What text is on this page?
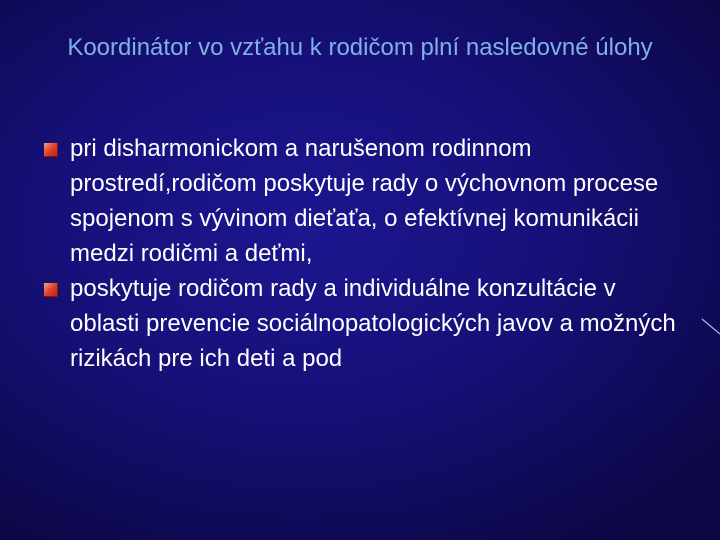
Koordinátor vo vzťahu k rodičom plní nasledovné úlohy
pri disharmonickom a narušenom rodinnom prostredí,rodičom poskytuje rady o výchovnom procese spojenom s vývinom dieťaťa, o efektívnej komunikácii medzi rodičmi a deťmi,
poskytuje rodičom rady a individuálne konzultácie v oblasti prevencie sociálnopatologických javov a možných rizikách pre ich deti a pod
